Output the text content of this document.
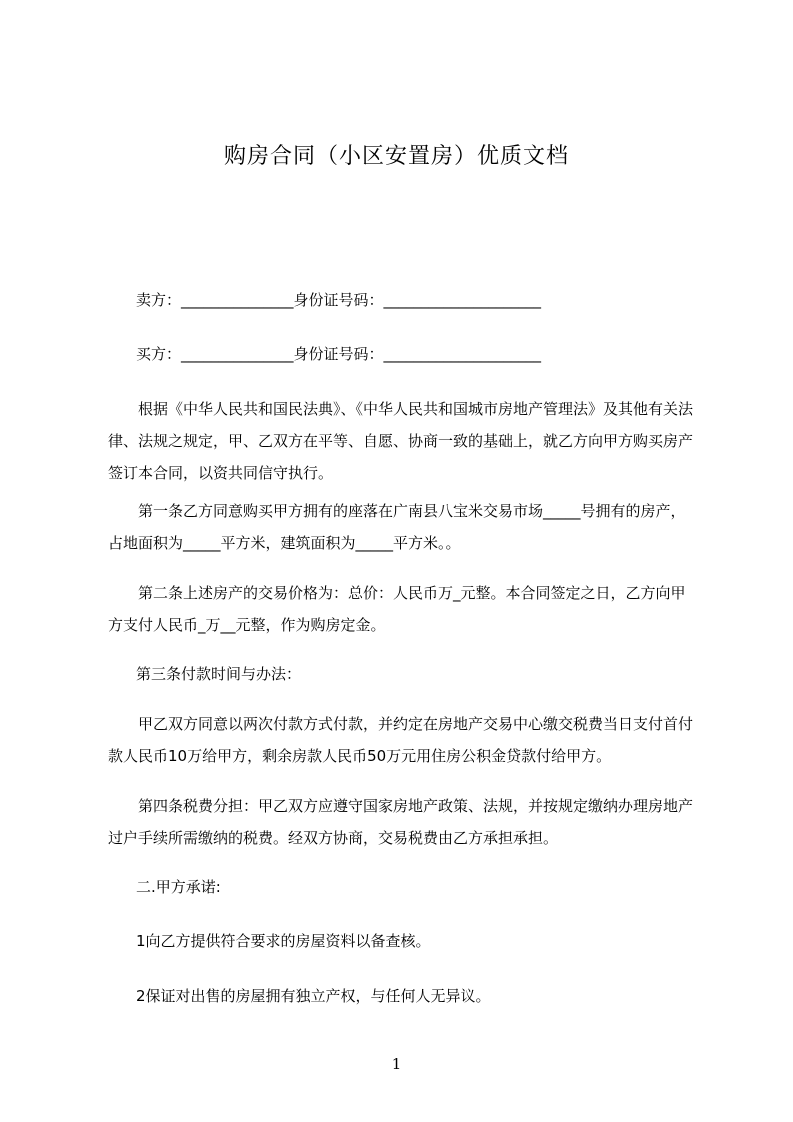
购房合同（小区安置房）优质文档

卖方：_______________身份证号码：_____________________

买方：_______________身份证号码：_____________________

根据《中华人民共和国民法典》、《中华人民共和国城市房地产管理法》及其他有关法律、法规之规定，甲、乙双方在平等、自愿、协商一致的基础上，就乙方向甲方购买房产签订本合同，以资共同信守执行。

第一条乙方同意购买甲方拥有的座落在广南县八宝米交易市场_____号拥有的房产，占地面积为_____平方米，建筑面积为_____平方米。。

第二条上述房产的交易价格为：总价：人民币万_元整。本合同签定之日，乙方向甲方支付人民币_万__元整，作为购房定金。

第三条付款时间与办法：

甲乙双方同意以两次付款方式付款，并约定在房地产交易中心缴交税费当日支付首付款人民币10万给甲方，剩余房款人民币50万元用住房公积金贷款付给甲方。

第四条税费分担：甲乙双方应遵守国家房地产政策、法规，并按规定缴纳办理房地产过户手续所需缴纳的税费。经双方协商，交易税费由乙方承担承担。

二.甲方承诺:

1向乙方提供符合要求的房屋资料以备查核。

2保证对出售的房屋拥有独立产权，与任何人无异议。

1
